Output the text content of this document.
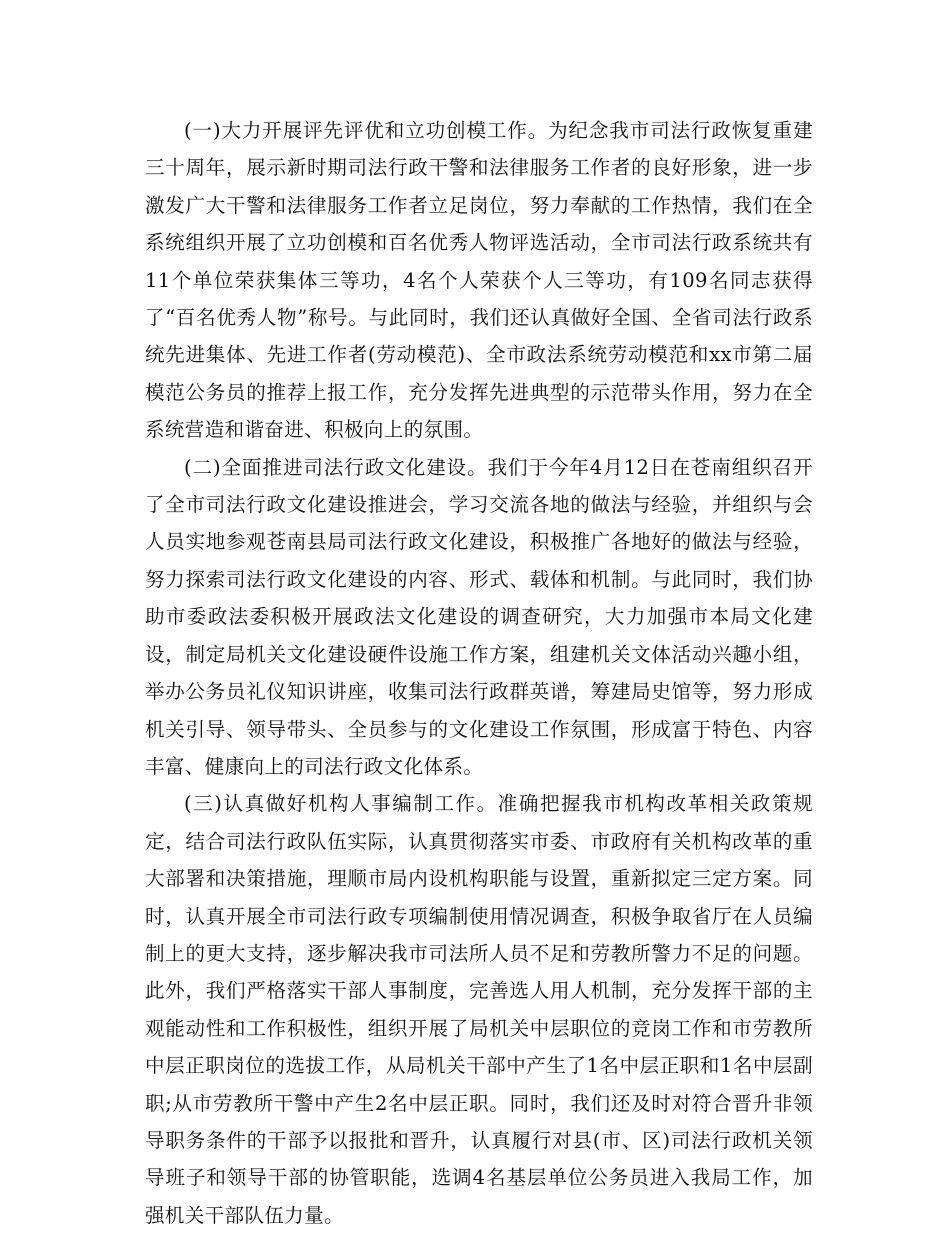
(一)大力开展评先评优和立功创模工作。为纪念我市司法行政恢复重建三十周年，展示新时期司法行政干警和法律服务工作者的良好形象，进一步激发广大干警和法律服务工作者立足岗位，努力奉献的工作热情，我们在全系统组织开展了立功创模和百名优秀人物评选活动，全市司法行政系统共有11个单位荣获集体三等功，4名个人荣获个人三等功，有109名同志获得了“百名优秀人物”称号。与此同时，我们还认真做好全国、全省司法行政系统先进集体、先进工作者(劳动模范)、全市政法系统劳动模范和xx市第二届模范公务员的推荐上报工作，充分发挥先进典型的示范带头作用，努力在全系统营造和谐奋进、积极向上的氛围。

(二)全面推进司法行政文化建设。我们于今年4月12日在苍南组织召开了全市司法行政文化建设推进会，学习交流各地的做法与经验，并组织与会人员实地参观苍南县局司法行政文化建设，积极推广各地好的做法与经验，努力探索司法行政文化建设的内容、形式、载体和机制。与此同时，我们协助市委政法委积极开展政法文化建设的调查研究，大力加强市本局文化建设，制定局机关文化建设硬件设施工作方案，组建机关文体活动兴趣小组，举办公务员礼仪知识讲座，收集司法行政群英谱，筹建局史馆等，努力形成机关引导、领导带头、全员参与的文化建设工作氛围，形成富于特色、内容丰富、健康向上的司法行政文化体系。

(三)认真做好机构人事编制工作。准确把握我市机构改革相关政策规定，结合司法行政队伍实际，认真贯彻落实市委、市政府有关机构改革的重大部署和决策措施，理顺市局内设机构职能与设置，重新拟定三定方案。同时，认真开展全市司法行政专项编制使用情况调查，积极争取省厅在人员编制上的更大支持，逐步解决我市司法所人员不足和劳教所警力不足的问题。此外，我们严格落实干部人事制度，完善选人用人机制，充分发挥干部的主观能动性和工作积极性，组织开展了局机关中层职位的竞岗工作和市劳教所中层正职岗位的选拔工作，从局机关干部中产生了1名中层正职和1名中层副职;从市劳教所干警中产生2名中层正职。同时，我们还及时对符合晋升非领导职务条件的干部予以报批和晋升，认真履行对县(市、区)司法行政机关领导班子和领导干部的协管职能，选调4名基层单位公务员进入我局工作，加强机关干部队伍力量。
